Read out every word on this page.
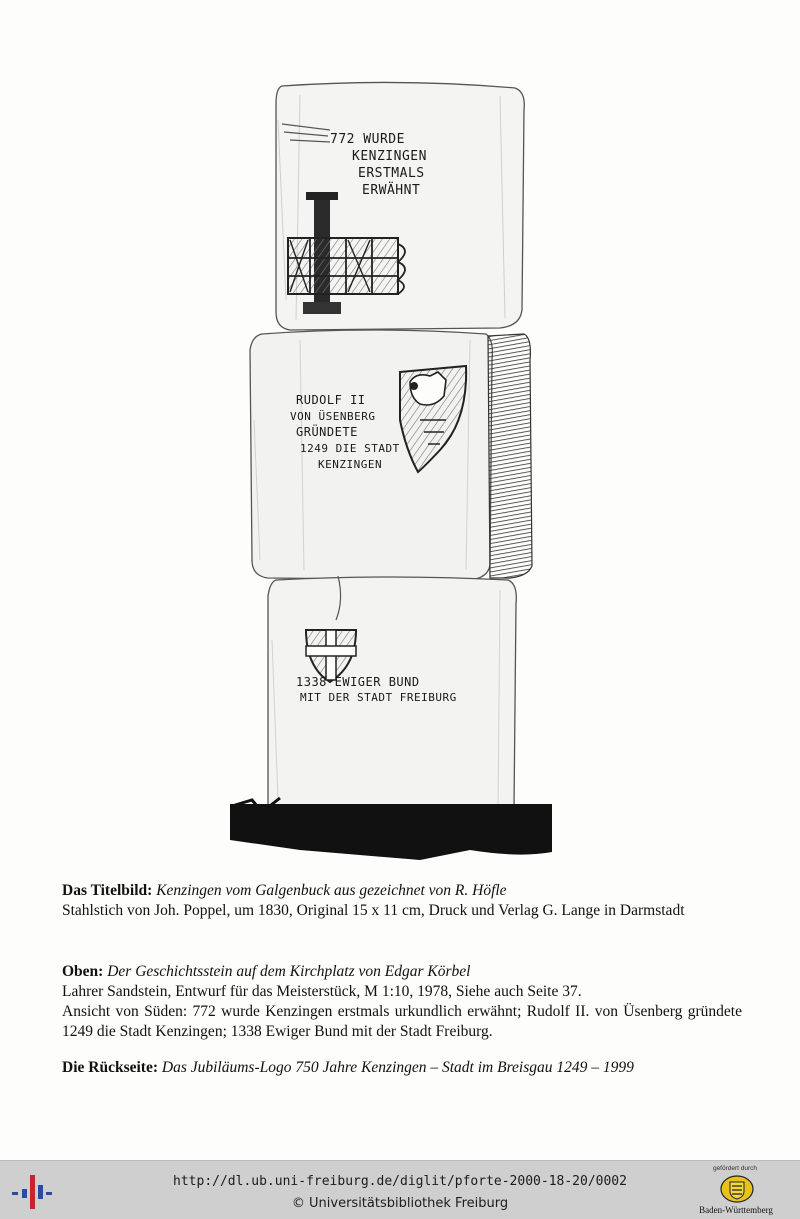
772 WURDE
KENZINGEN
ERSTMALS
ERWÄHNT
RUDOLF II
VON ÜSENBERG
GRÜNDETE
1249 DIE STADT
KENZINGEN
1338 EWIGER BUND
MIT DER STADT FREIBURG
Das Titelbild: Kenzingen vom Galgenbuck aus gezeichnet von R. Höfle
Stahlstich von Joh. Poppel, um 1830, Original 15 x 11 cm, Druck und Verlag G. Lange in Darmstadt
Oben: Der Geschichtsstein auf dem Kirchplatz von Edgar Körbel
Lahrer Sandstein, Entwurf für das Meisterstück, M 1:10, 1978, Siehe auch Seite 37.
Ansicht von Süden: 772 wurde Kenzingen erstmals urkundlich erwähnt; Rudolf II. von Üsenberg gründete 1249 die Stadt Kenzingen; 1338 Ewiger Bund mit der Stadt Freiburg.
Die Rückseite: Das Jubiläums-Logo 750 Jahre Kenzingen – Stadt im Breisgau 1249 – 1999
http://dl.ub.uni-freiburg.de/diglit/pforte-2000-18-20/0002
© Universitätsbibliothek Freiburg
gefördert durch
Baden-Württemberg
